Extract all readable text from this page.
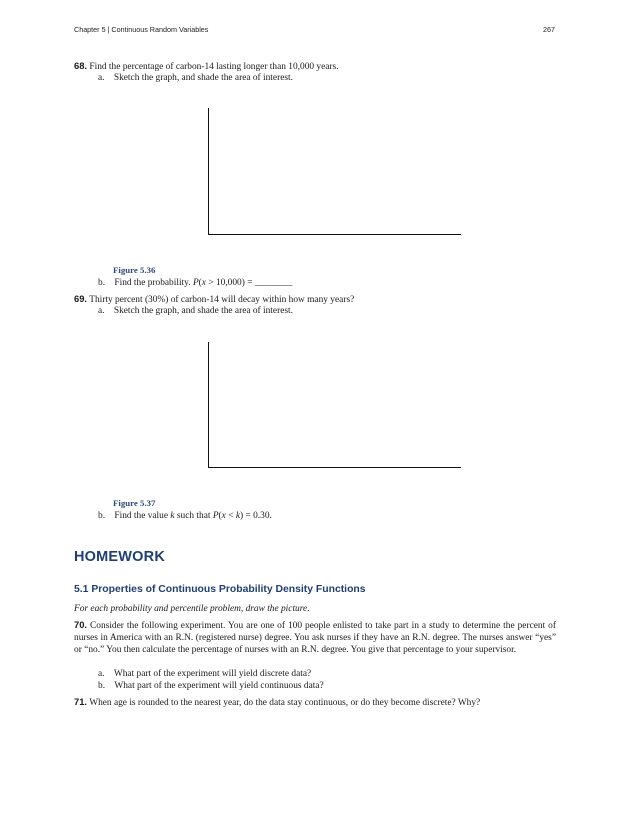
Chapter 5 | Continuous Random Variables	267
68. Find the percentage of carbon-14 lasting longer than 10,000 years.
a. Sketch the graph, and shade the area of interest.
Figure 5.36
b. Find the probability. P(x > 10,000) = ________
69. Thirty percent (30%) of carbon-14 will decay within how many years?
a. Sketch the graph, and shade the area of interest.
Figure 5.37
b. Find the value k such that P(x < k) = 0.30.
HOMEWORK
5.1 Properties of Continuous Probability Density Functions
For each probability and percentile problem, draw the picture.
70. Consider the following experiment. You are one of 100 people enlisted to take part in a study to determine the percent of nurses in America with an R.N. (registered nurse) degree. You ask nurses if they have an R.N. degree. The nurses answer “yes” or “no.” You then calculate the percentage of nurses with an R.N. degree. You give that percentage to your supervisor.
a. What part of the experiment will yield discrete data?
b. What part of the experiment will yield continuous data?
71. When age is rounded to the nearest year, do the data stay continuous, or do they become discrete? Why?
